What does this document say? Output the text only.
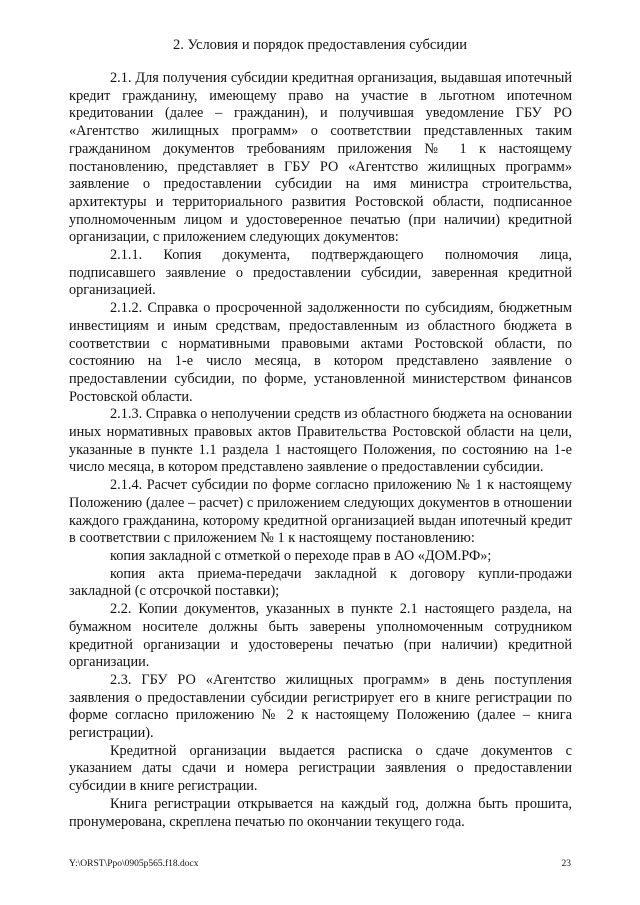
2. Условия и порядок предоставления субсидии

2.1. Для получения субсидии кредитная организация, выдавшая ипотечный кредит гражданину, имеющему право на участие в льготном ипотечном кредитовании (далее – гражданин), и получившая уведомление ГБУ РО «Агентство жилищных программ» о соответствии представленных таким гражданином документов требованиям приложения № 1 к настоящему постановлению, представляет в ГБУ РО «Агентство жилищных программ» заявление о предоставлении субсидии на имя министра строительства, архитектуры и территориального развития Ростовской области, подписанное уполномоченным лицом и удостоверенное печатью (при наличии) кредитной организации, с приложением следующих документов:

2.1.1. Копия документа, подтверждающего полномочия лица, подписавшего заявление о предоставлении субсидии, заверенная кредитной организацией.

2.1.2. Справка о просроченной задолженности по субсидиям, бюджетным инвестициям и иным средствам, предоставленным из областного бюджета в соответствии с нормативными правовыми актами Ростовской области, по состоянию на 1-е число месяца, в котором представлено заявление о предоставлении субсидии, по форме, установленной министерством финансов Ростовской области.

2.1.3. Справка о неполучении средств из областного бюджета на основании иных нормативных правовых актов Правительства Ростовской области на цели, указанные в пункте 1.1 раздела 1 настоящего Положения, по состоянию на 1-е число месяца, в котором представлено заявление о предоставлении субсидии.

2.1.4. Расчет субсидии по форме согласно приложению № 1 к настоящему Положению (далее – расчет) с приложением следующих документов в отношении каждого гражданина, которому кредитной организацией выдан ипотечный кредит в соответствии с приложением № 1 к настоящему постановлению:

копия закладной с отметкой о переходе прав в АО «ДОМ.РФ»;

копия акта приема-передачи закладной к договору купли-продажи закладной (с отсрочкой поставки);

2.2. Копии документов, указанных в пункте 2.1 настоящего раздела, на бумажном носителе должны быть заверены уполномоченным сотрудником кредитной организации и удостоверены печатью (при наличии) кредитной организации.

2.3. ГБУ РО «Агентство жилищных программ» в день поступления заявления о предоставлении субсидии регистрирует его в книге регистрации по форме согласно приложению № 2 к настоящему Положению (далее – книга регистрации).

Кредитной организации выдается расписка о сдаче документов с указанием даты сдачи и номера регистрации заявления о предоставлении субсидии в книге регистрации.

Книга регистрации открывается на каждый год, должна быть прошита, пронумерована, скреплена печатью по окончании текущего года.

Y:\ORST\Ppo\0905p565.f18.docx	23
